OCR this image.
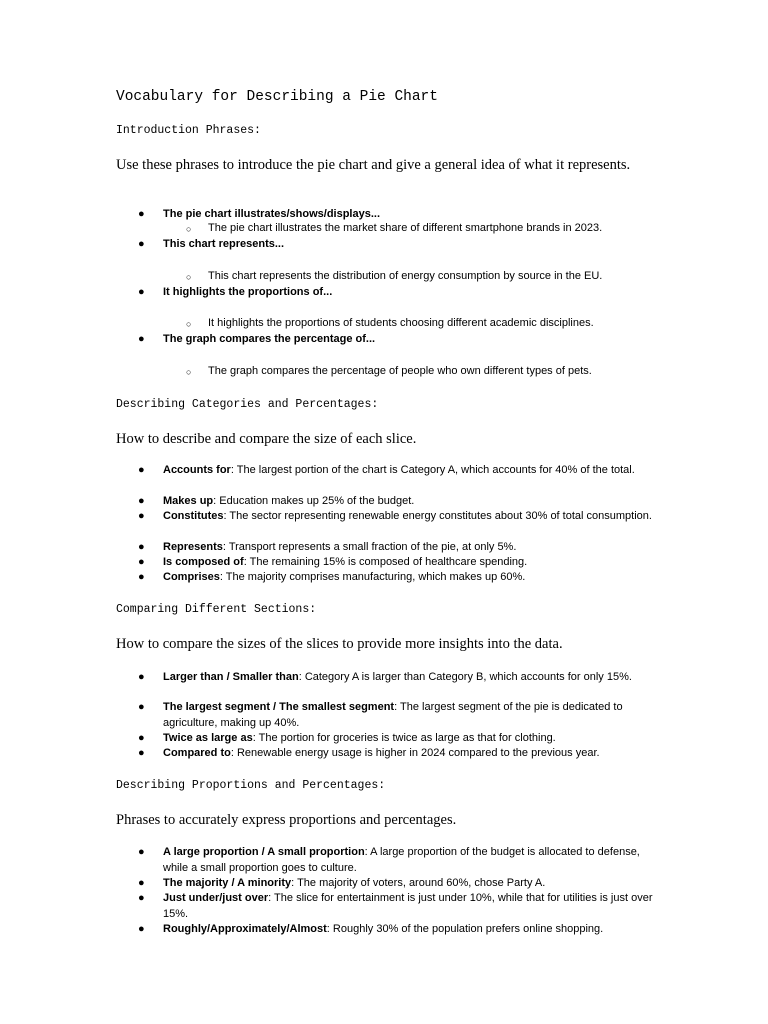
Vocabulary for Describing a Pie Chart
Introduction Phrases:

Use these phrases to introduce the pie chart and give a general idea of what it represents.

● The pie chart illustrates/shows/displays...
○ The pie chart illustrates the market share of different smartphone brands in 2023.
● This chart represents...
○ This chart represents the distribution of energy consumption by source in the EU.
● It highlights the proportions of...
○ It highlights the proportions of students choosing different academic disciplines.
● The graph compares the percentage of...
○ The graph compares the percentage of people who own different types of pets.
Describing Categories and Percentages:

How to describe and compare the size of each slice.

● Accounts for: The largest portion of the chart is Category A, which accounts for 40% of the total.
● Makes up: Education makes up 25% of the budget.
● Constitutes: The sector representing renewable energy constitutes about 30% of total consumption.
● Represents: Transport represents a small fraction of the pie, at only 5%.
● Is composed of: The remaining 15% is composed of healthcare spending.
● Comprises: The majority comprises manufacturing, which makes up 60%.
Comparing Different Sections:

How to compare the sizes of the slices to provide more insights into the data.

● Larger than / Smaller than: Category A is larger than Category B, which accounts for only 15%.
● The largest segment / The smallest segment: The largest segment of the pie is dedicated to agriculture, making up 40%.
● Twice as large as: The portion for groceries is twice as large as that for clothing.
● Compared to: Renewable energy usage is higher in 2024 compared to the previous year.
Describing Proportions and Percentages:

Phrases to accurately express proportions and percentages.

● A large proportion / A small proportion: A large proportion of the budget is allocated to defense, while a small proportion goes to culture.
● The majority / A minority: The majority of voters, around 60%, chose Party A.
● Just under/just over: The slice for entertainment is just under 10%, while that for utilities is just over 15%.
● Roughly/Approximately/Almost: Roughly 30% of the population prefers online shopping.
